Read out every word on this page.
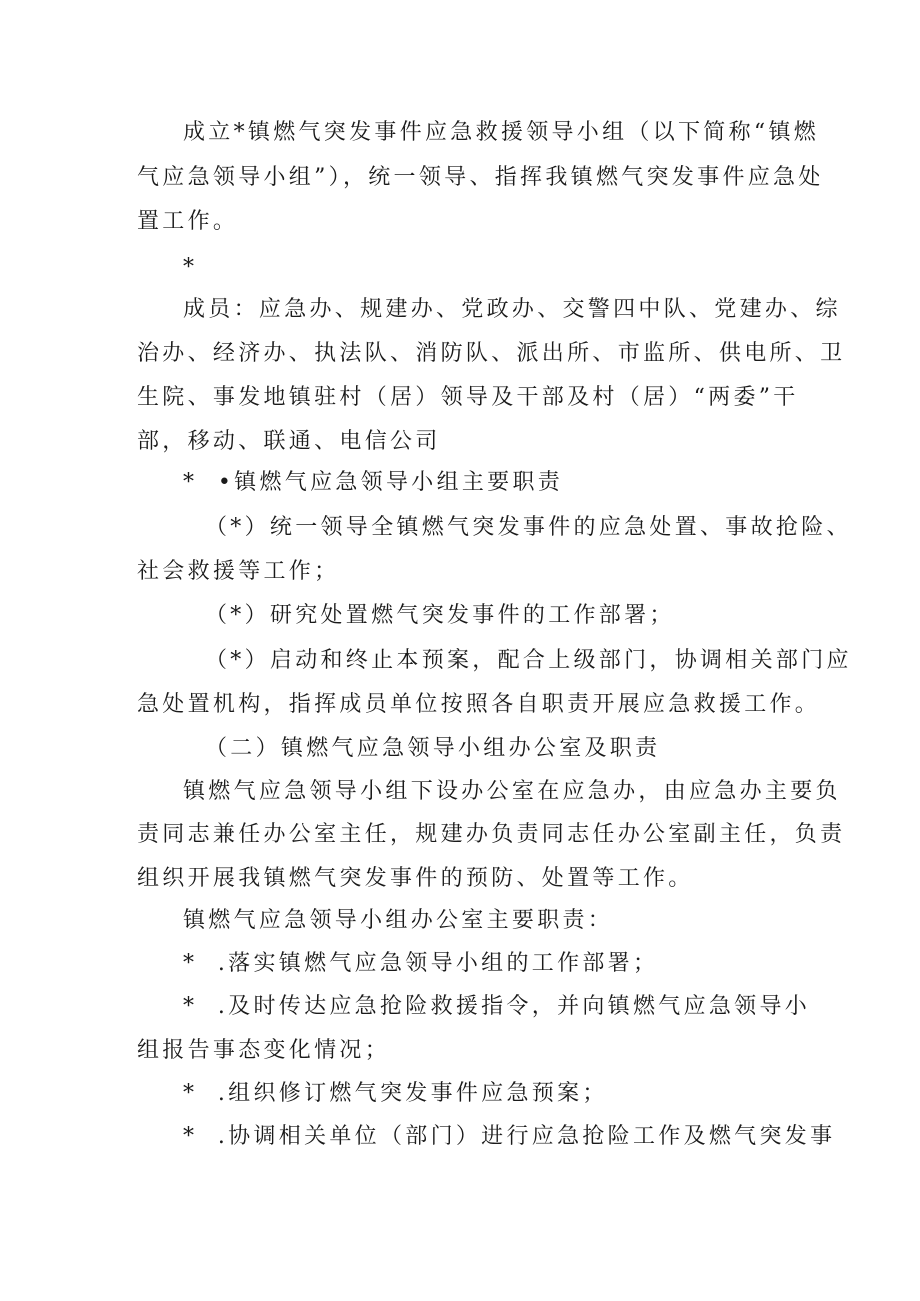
成立*镇燃气突发事件应急救援领导小组（以下简称“镇燃
气应急领导小组”），统一领导、指挥我镇燃气突发事件应急处
置工作。
*
成员：应急办、规建办、党政办、交警四中队、党建办、综
治办、经济办、执法队、消防队、派出所、市监所、供电所、卫
生院、事发地镇驻村（居）领导及干部及村（居）“两委”干
部，移动、联通、电信公司
*  •镇燃气应急领导小组主要职责
（*）统一领导全镇燃气突发事件的应急处置、事故抢险、
社会救援等工作；
（*）研究处置燃气突发事件的工作部署；
（*）启动和终止本预案，配合上级部门，协调相关部门应
急处置机构，指挥成员单位按照各自职责开展应急救援工作。
（二）镇燃气应急领导小组办公室及职责
镇燃气应急领导小组下设办公室在应急办，由应急办主要负
责同志兼任办公室主任，规建办负责同志任办公室副主任，负责
组织开展我镇燃气突发事件的预防、处置等工作。
镇燃气应急领导小组办公室主要职责：
*  .落实镇燃气应急领导小组的工作部署；
*  .及时传达应急抢险救援指令，并向镇燃气应急领导小
组报告事态变化情况；
*  .组织修订燃气突发事件应急预案；
*  .协调相关单位（部门）进行应急抢险工作及燃气突发事
